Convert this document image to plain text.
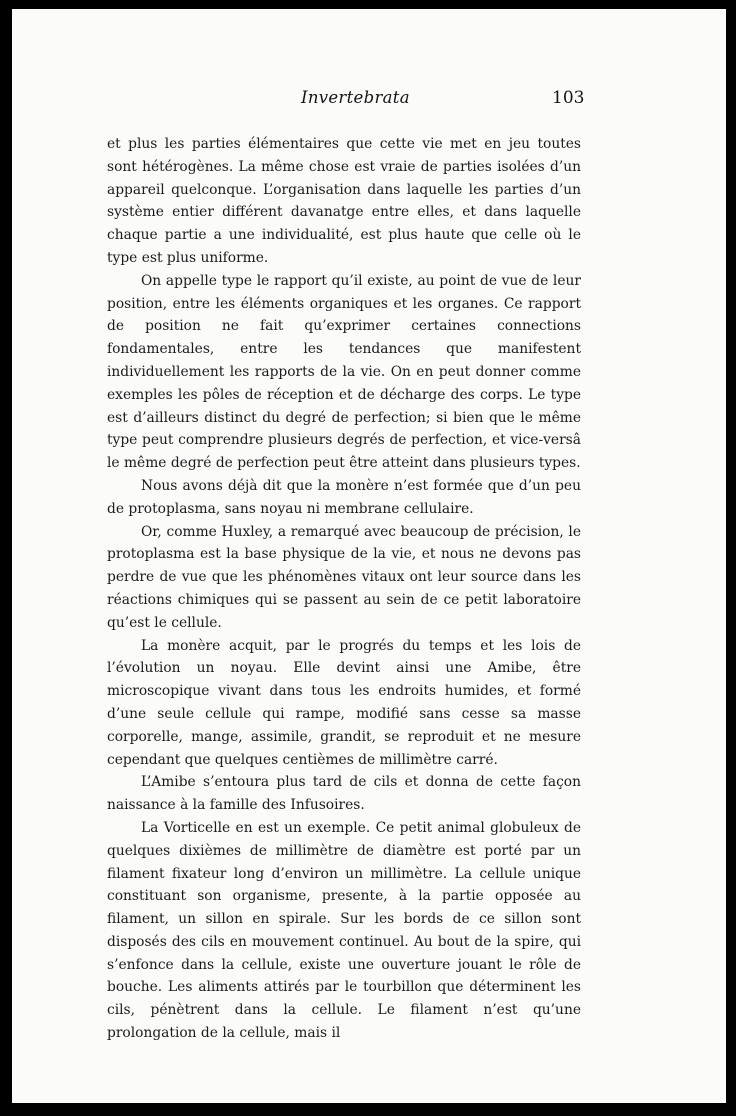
Invertebrata	103

et plus les parties élémentaires que cette vie met en jeu toutes sont hétérogènes. La même chose est vraie de parties isolées d’un appareil quelconque. L’organisation dans laquelle les parties d’un système entier différent davanatge entre elles, et dans laquelle chaque partie a une individualité, est plus haute que celle où le type est plus uniforme.

On appelle type le rapport qu’il existe, au point de vue de leur position, entre les éléments organiques et les organes. Ce rapport de position ne fait qu’exprimer certaines connections fondamentales, entre les tendances que manifestent individuellement les rapports de la vie. On en peut donner comme exemples les pôles de réception et de décharge des corps. Le type est d’ailleurs distinct du degré de perfection; si bien que le même type peut comprendre plusieurs degrés de perfection, et vice-versâ le même degré de perfection peut être atteint dans plusieurs types.

Nous avons déjà dit que la monère n’est formée que d’un peu de protoplasma, sans noyau ni membrane cellulaire.

Or, comme Huxley, a remarqué avec beaucoup de précision, le protoplasma est la base physique de la vie, et nous ne devons pas perdre de vue que les phénomènes vitaux ont leur source dans les réactions chimiques qui se passent au sein de ce petit laboratoire qu’est le cellule.

La monère acquit, par le progrés du temps et les lois de l’évolution un noyau. Elle devint ainsi une Amibe, être microscopique vivant dans tous les endroits humides, et formé d’une seule cellule qui rampe, modifié sans cesse sa masse corporelle, mange, assimile, grandit, se reproduit et ne mesure cependant que quelques centièmes de millimètre carré.

L’Amibe s’entoura plus tard de cils et donna de cette façon naissance à la famille des Infusoires.

La Vorticelle en est un exemple. Ce petit animal globuleux de quelques dixièmes de millimètre de diamètre est porté par un filament fixateur long d’environ un millimètre. La cellule unique constituant son organisme, presente, à la partie opposée au filament, un sillon en spirale. Sur les bords de ce sillon sont disposés des cils en mouvement continuel. Au bout de la spire, qui s’enfonce dans la cellule, existe une ouverture jouant le rôle de bouche. Les aliments attirés par le tourbillon que déterminent les cils, pénètrent dans la cellule. Le filament n’est qu’une prolongation de la cellule, mais il
